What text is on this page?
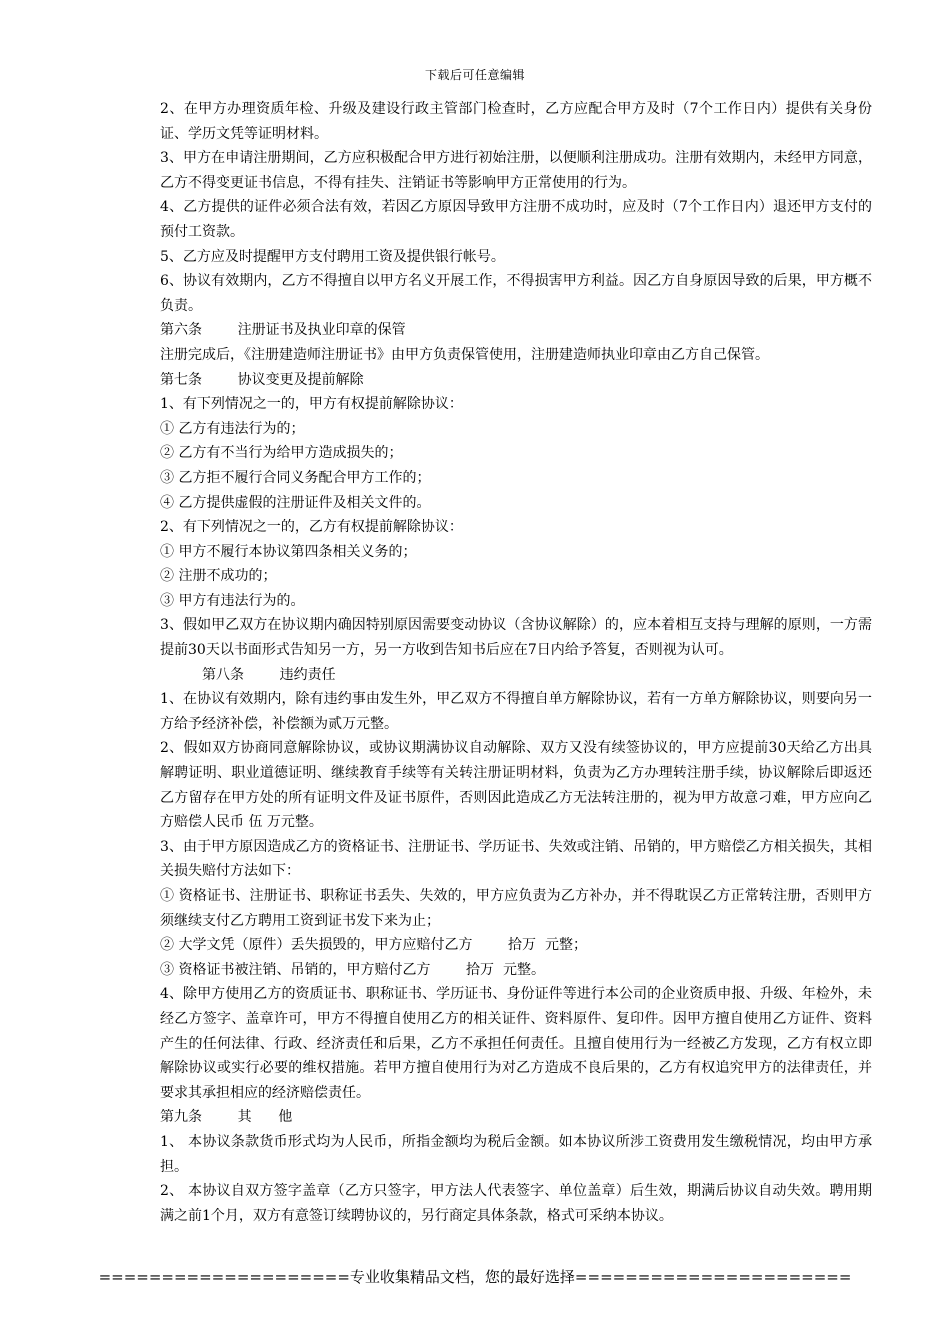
下载后可任意编辑

2、在甲方办理资质年检、升级及建设行政主管部门检查时，乙方应配合甲方及时（7个工作日内）提供有关身份证、学历文凭等证明材料。

3、甲方在申请注册期间，乙方应积极配合甲方进行初始注册，以便顺利注册成功。注册有效期内，未经甲方同意，乙方不得变更证书信息，不得有挂失、注销证书等影响甲方正常使用的行为。

4、乙方提供的证件必须合法有效，若因乙方原因导致甲方注册不成功时，应及时（7个工作日内）退还甲方支付的预付工资款。

5、乙方应及时提醒甲方支付聘用工资及提供银行帐号。

6、协议有效期内，乙方不得擅自以甲方名义开展工作，不得损害甲方利益。因乙方自身原因导致的后果，甲方概不负责。

第六条        注册证书及执业印章的保管

注册完成后，《注册建造师注册证书》由甲方负责保管使用，注册建造师执业印章由乙方自己保管。

第七条        协议变更及提前解除

1、有下列情况之一的，甲方有权提前解除协议：

① 乙方有违法行为的；

② 乙方有不当行为给甲方造成损失的；

③ 乙方拒不履行合同义务配合甲方工作的；

④ 乙方提供虚假的注册证件及相关文件的。

2、有下列情况之一的，乙方有权提前解除协议：

① 甲方不履行本协议第四条相关义务的；

② 注册不成功的；

③ 甲方有违法行为的。

3、假如甲乙双方在协议期内确因特别原因需要变动协议（含协议解除）的，应本着相互支持与理解的原则，一方需提前30天以书面形式告知另一方，另一方收到告知书后应在7日内给予答复，否则视为认可。

第八条        违约责任

1、在协议有效期内，除有违约事由发生外，甲乙双方不得擅自单方解除协议，若有一方单方解除协议，则要向另一方给予经济补偿，补偿额为贰万元整。

2、假如双方协商同意解除协议，或协议期满协议自动解除、双方又没有续签协议的，甲方应提前30天给乙方出具解聘证明、职业道德证明、继续教育手续等有关转注册证明材料，负责为乙方办理转注册手续，协议解除后即返还乙方留存在甲方处的所有证明文件及证书原件，否则因此造成乙方无法转注册的，视为甲方故意刁难，甲方应向乙方赔偿人民币 伍 万元整。

3、由于甲方原因造成乙方的资格证书、注册证书、学历证书、失效或注销、吊销的，甲方赔偿乙方相关损失，其相关损失赔付方法如下：

① 资格证书、注册证书、职称证书丢失、失效的，甲方应负责为乙方补办，并不得耽误乙方正常转注册，否则甲方须继续支付乙方聘用工资到证书发下来为止；

② 大学文凭（原件）丢失损毁的，甲方应赔付乙方        拾万  元整；

③ 资格证书被注销、吊销的，甲方赔付乙方        拾万  元整。

4、除甲方使用乙方的资质证书、职称证书、学历证书、身份证件等进行本公司的企业资质申报、升级、年检外，未经乙方签字、盖章许可，甲方不得擅自使用乙方的相关证件、资料原件、复印件。因甲方擅自使用乙方证件、资料产生的任何法律、行政、经济责任和后果，乙方不承担任何责任。且擅自使用行为一经被乙方发现，乙方有权立即解除协议或实行必要的维权措施。若甲方擅自使用行为对乙方造成不良后果的，乙方有权追究甲方的法律责任，并要求其承担相应的经济赔偿责任。

第九条        其      他

1、 本协议条款货币形式均为人民币，所指金额均为税后金额。如本协议所涉工资费用发生缴税情况，均由甲方承担。

2、 本协议自双方签字盖章（乙方只签字，甲方法人代表签字、单位盖章）后生效，期满后协议自动失效。聘用期满之前1个月，双方有意签订续聘协议的，另行商定具体条款，格式可采纳本协议。

====================专业收集精品文档，您的最好选择======================
